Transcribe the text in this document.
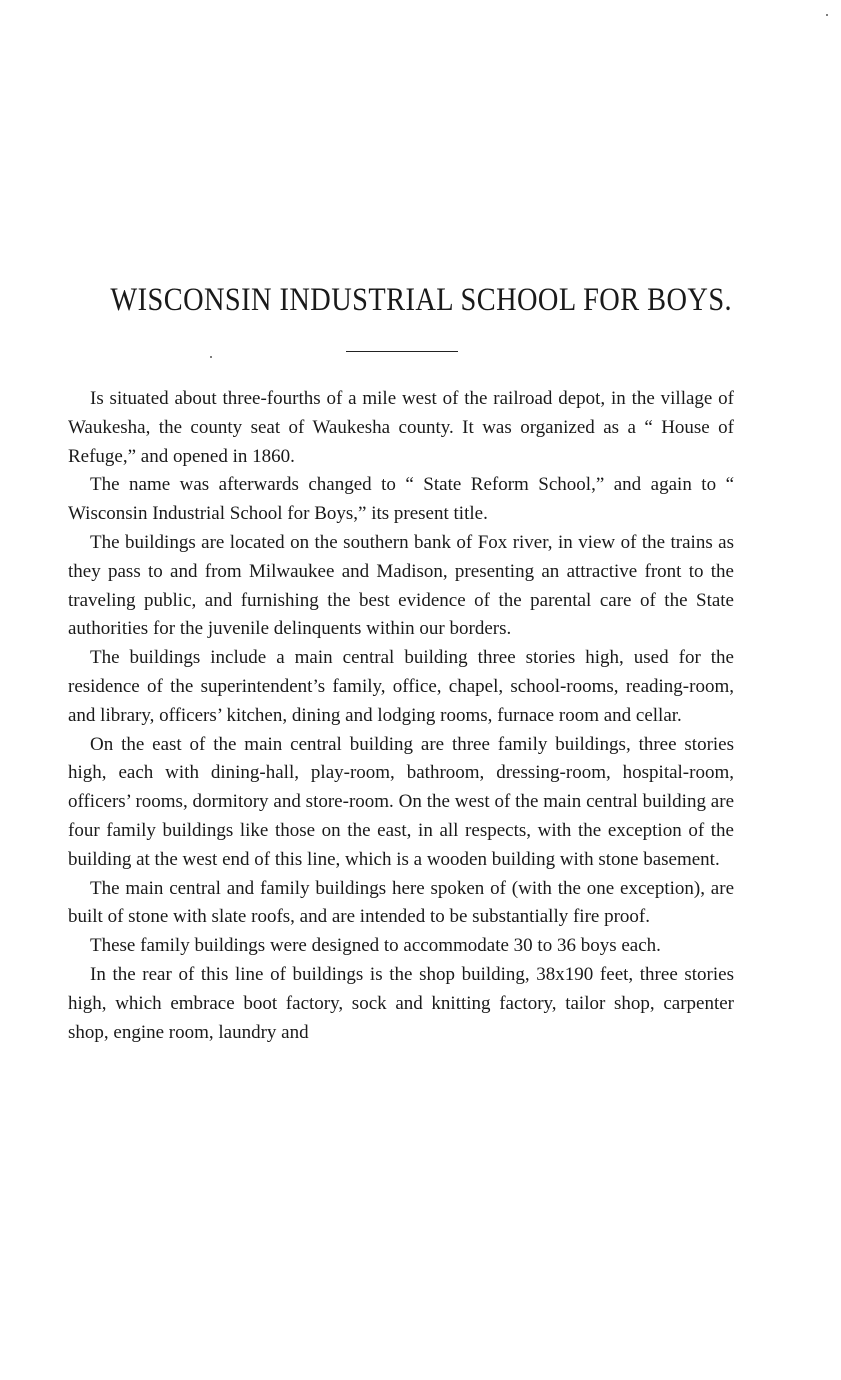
WISCONSIN INDUSTRIAL SCHOOL FOR BOYS.

Is situated about three-fourths of a mile west of the railroad depot, in the village of Waukesha, the county seat of Waukesha county. It was organized as a “ House of Refuge,” and opened in 1860.

The name was afterwards changed to “ State Reform School,” and again to “ Wisconsin Industrial School for Boys,” its present title.

The buildings are located on the southern bank of Fox river, in view of the trains as they pass to and from Milwaukee and Madison, presenting an attractive front to the traveling public, and furnishing the best evidence of the parental care of the State authorities for the juvenile delinquents within our borders.

The buildings include a main central building three stories high, used for the residence of the superintendent’s family, office, chapel, school-rooms, reading-room, and library, officers’ kitchen, dining and lodging rooms, furnace room and cellar.

On the east of the main central building are three family buildings, three stories high, each with dining-hall, play-room, bathroom, dressing-room, hospital-room, officers’ rooms, dormitory and store-room. On the west of the main central building are four family buildings like those on the east, in all respects, with the exception of the building at the west end of this line, which is a wooden building with stone basement.

The main central and family buildings here spoken of (with the one exception), are built of stone with slate roofs, and are intended to be substantially fire proof.

These family buildings were designed to accommodate 30 to 36 boys each.

In the rear of this line of buildings is the shop building, 38x190 feet, three stories high, which embrace boot factory, sock and knitting factory, tailor shop, carpenter shop, engine room, laundry and
